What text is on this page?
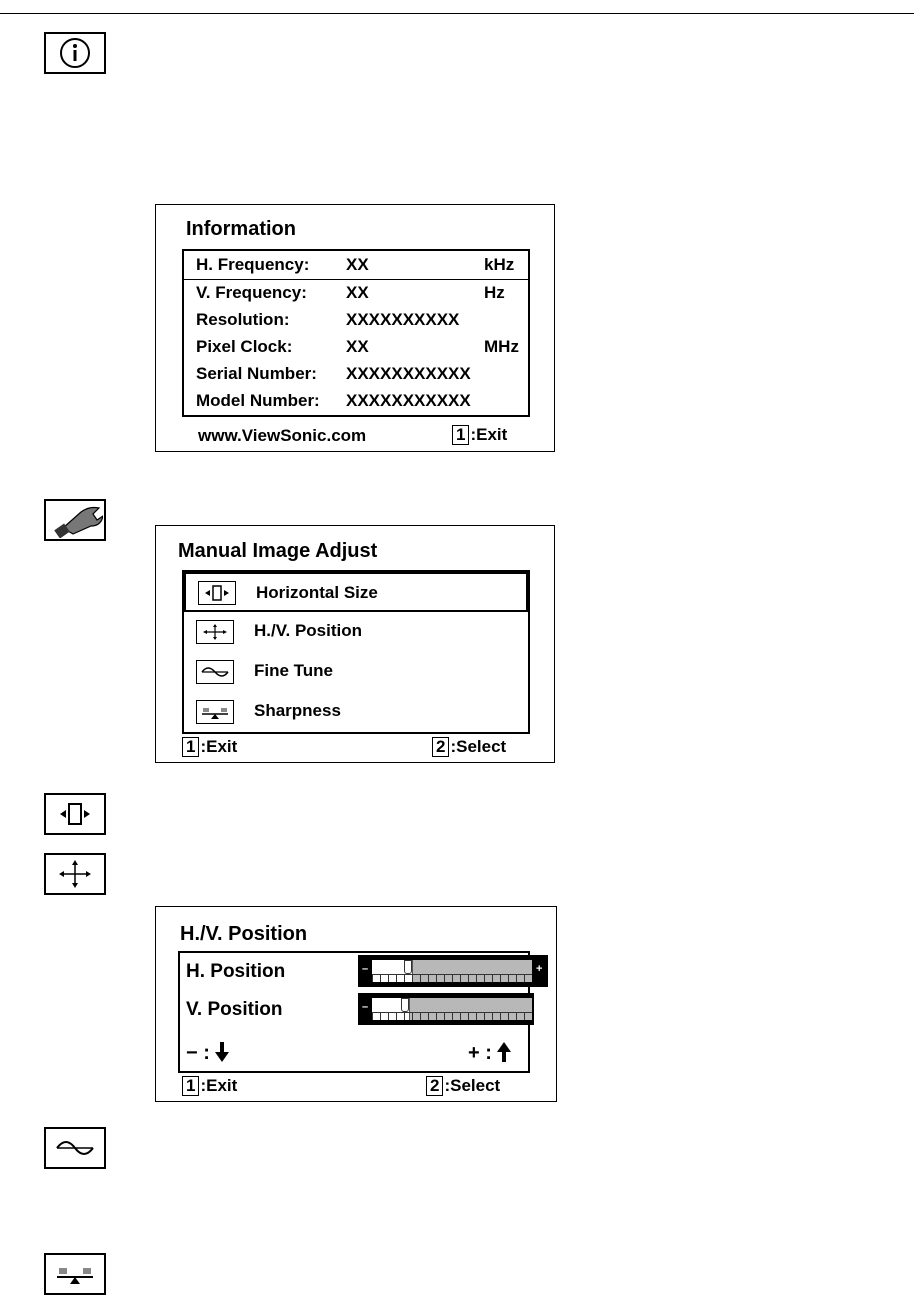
Information
H. Frequency: XX	kHz
V. Frequency: XX	Hz
Resolution:	XXXXXXXXXX
Pixel Clock:	XX	MHz
Serial Number: XXXXXXXXXXX
Model Number: XXXXXXXXXXX
www.ViewSonic.com	1 :Exit
Manual Image Adjust
Horizontal Size
H./V. Position
Fine Tune
Sharpness
1 :Exit	2 :Select
H./V. Position
H. Position	–	+
V. Position	–
− :	+ :
1 :Exit	2 :Select
